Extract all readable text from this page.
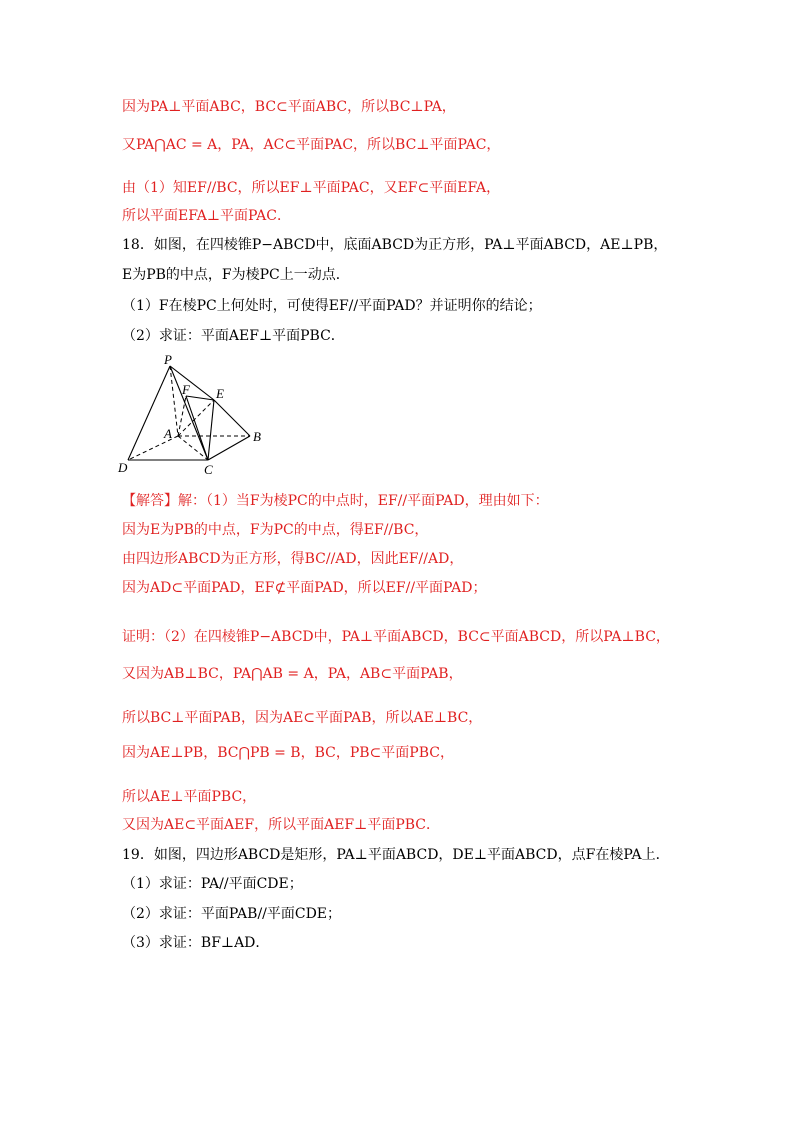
因为PA⊥平面ABC，BC⊂平面ABC，所以BC⊥PA，
又PA⋂AC = A，PA，AC⊂平面PAC，所以BC⊥平面PAC，
由（1）知EF//BC，所以EF⊥平面PAC，又EF⊂平面EFA，
所以平面EFA⊥平面PAC．
18．如图，在四棱锥P−ABCD中，底面ABCD为正方形，PA⊥平面ABCD，AE⊥PB，
E为PB的中点，F为棱PC上一动点．
（1）F在棱PC上何处时，可使得EF//平面PAD？并证明你的结论；
（2）求证：平面AEF⊥平面PBC．
P
F E
A	B
D	C
【解答】解：（1）当F为棱PC的中点时，EF//平面PAD，理由如下：
因为E为PB的中点，F为PC的中点，得EF//BC，
由四边形ABCD为正方形，得BC//AD，因此EF//AD，
因为AD⊂平面PAD，EF⊄平面PAD，所以EF//平面PAD；
证明：（2）在四棱锥P−ABCD中，PA⊥平面ABCD，BC⊂平面ABCD，所以PA⊥BC，
又因为AB⊥BC，PA⋂AB = A，PA，AB⊂平面PAB，
所以BC⊥平面PAB，因为AE⊂平面PAB，所以AE⊥BC，
因为AE⊥PB，BC⋂PB = B，BC，PB⊂平面PBC，
所以AE⊥平面PBC，
又因为AE⊂平面AEF，所以平面AEF⊥平面PBC．
19．如图，四边形ABCD是矩形，PA⊥平面ABCD，DE⊥平面ABCD，点F在棱PA上．
（1）求证：PA//平面CDE；
（2）求证：平面PAB//平面CDE；
（3）求证：BF⊥AD．
